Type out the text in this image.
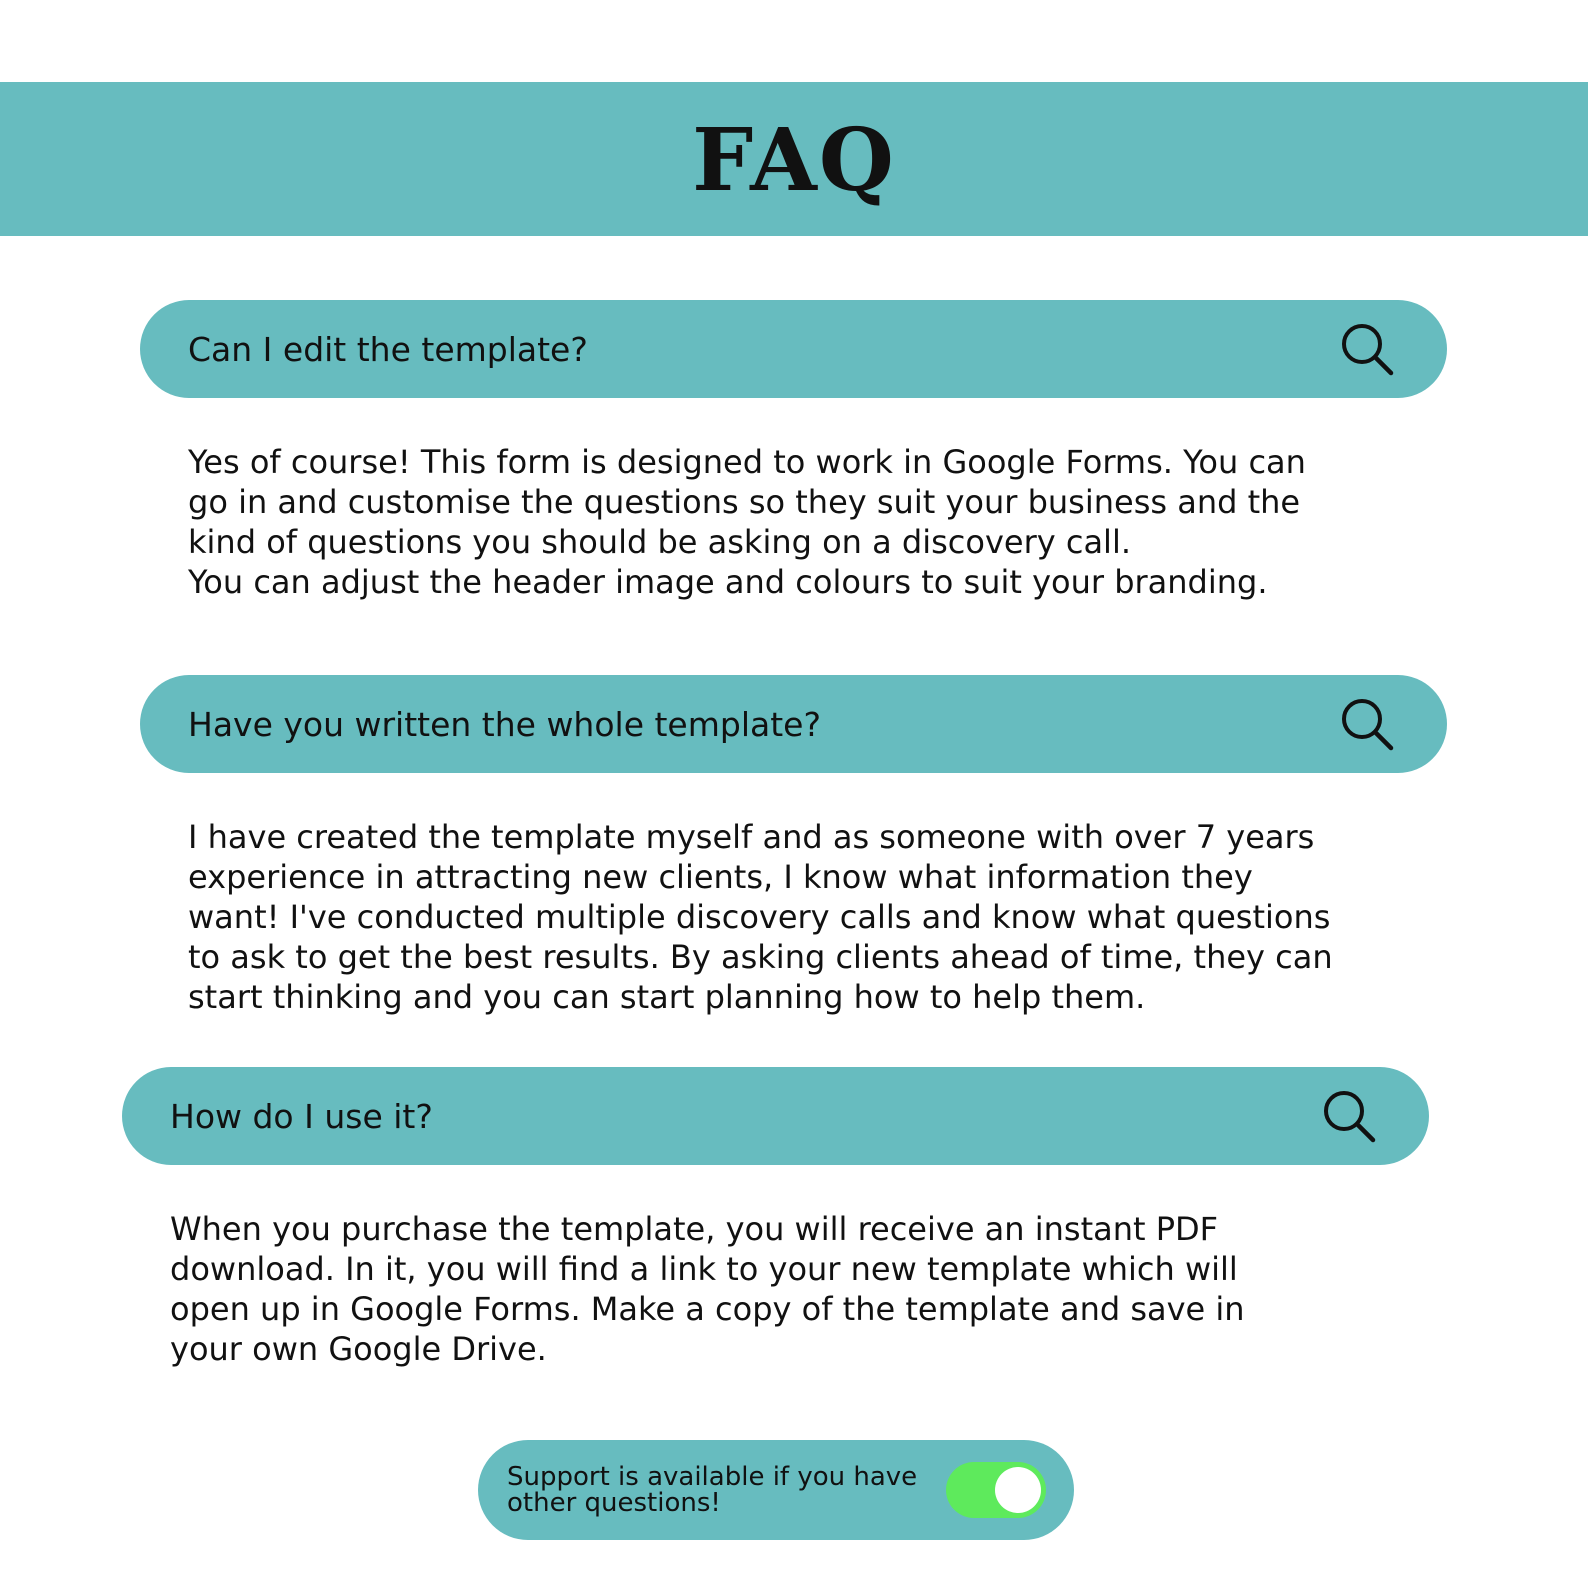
FAQ
Can I edit the template?

Yes of course! This form is designed to work in Google Forms. You can
go in and customise the questions so they suit your business and the
kind of questions you should be asking on a discovery call.
You can adjust the header image and colours to suit your branding.

Have you written the whole template?

I have created the template myself and as someone with over 7 years
experience in attracting new clients, I know what information they
want! I've conducted multiple discovery calls and know what questions
to ask to get the best results. By asking clients ahead of time, they can
start thinking and you can start planning how to help them.

How do I use it?

When you purchase the template, you will receive an instant PDF
download. In it, you will find a link to your new template which will
open up in Google Forms. Make a copy of the template and save in
your own Google Drive.

Support is available if you have other questions!
